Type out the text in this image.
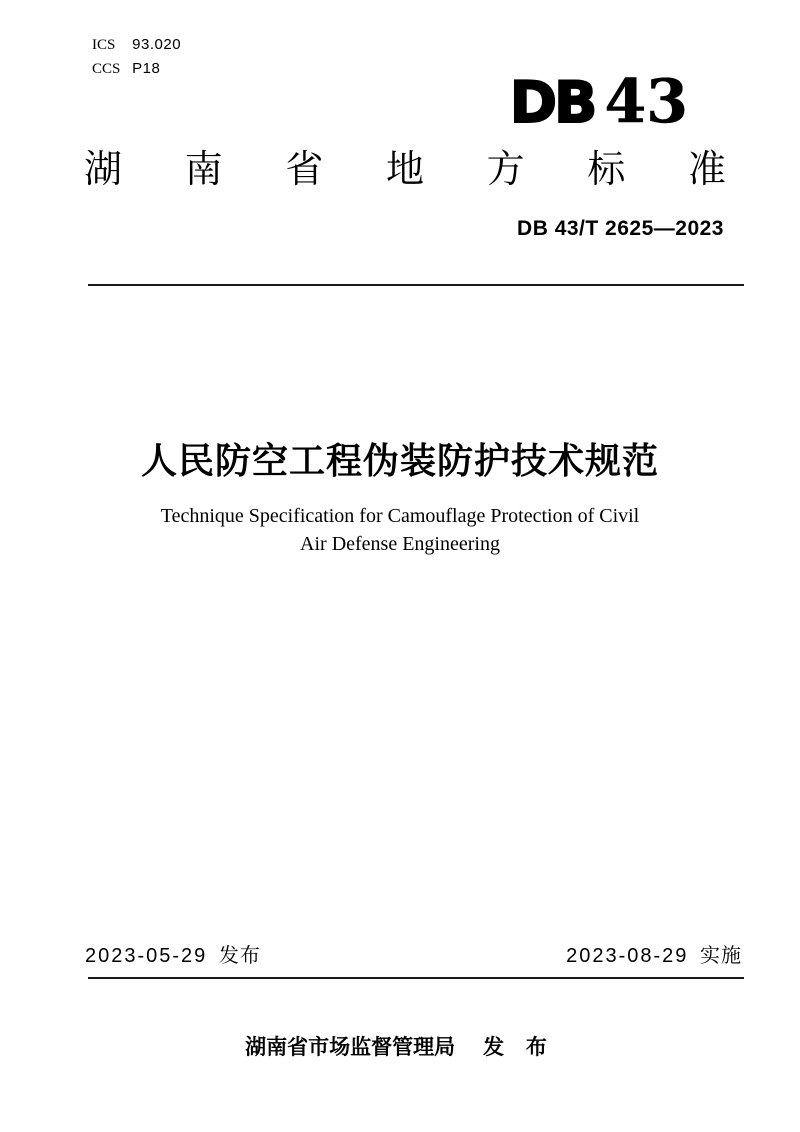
ICS 93.020
CCS P18
DB 43
湖南省地方标准
DB 43/T 2625—2023
人民防空工程伪装防护技术规范
Technique Specification for Camouflage Protection of Civil
Air Defense Engineering
2023-05-29 发布	2023-08-29 实施
湖南省市场监督管理局 发 布
